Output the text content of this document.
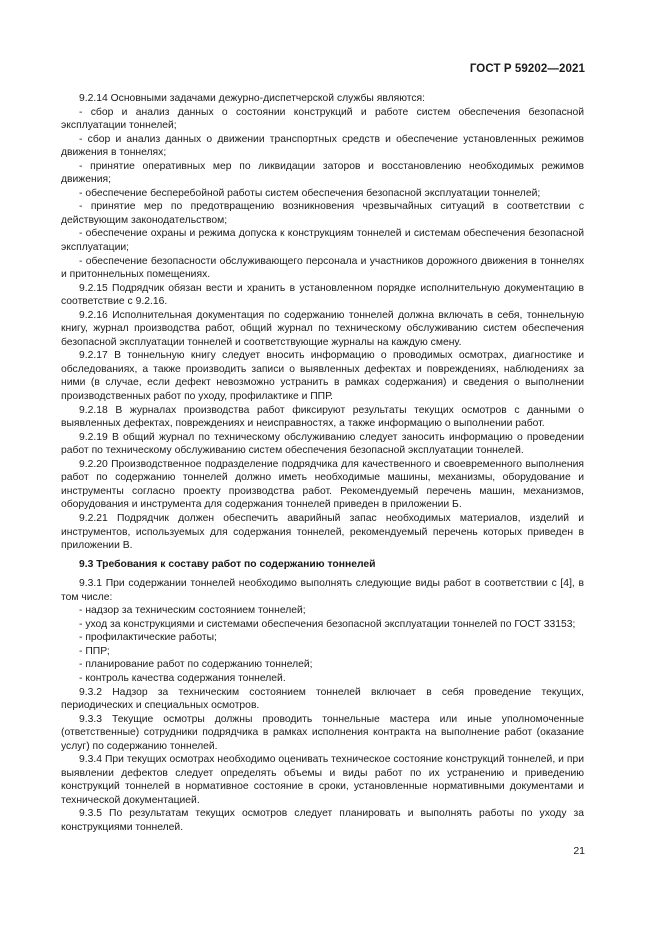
ГОСТ Р 59202—2021

9.2.14 Основными задачами дежурно-диспетчерской службы являются:

- сбор и анализ данных о состоянии конструкций и работе систем обеспечения безопасной эксплуатации тоннелей;

- сбор и анализ данных о движении транспортных средств и обеспечение установленных режимов движения в тоннелях;

- принятие оперативных мер по ликвидации заторов и восстановлению необходимых режимов движения;

- обеспечение бесперебойной работы систем обеспечения безопасной эксплуатации тоннелей;

- принятие мер по предотвращению возникновения чрезвычайных ситуаций в соответствии с действующим законодательством;

- обеспечение охраны и режима допуска к конструкциям тоннелей и системам обеспечения безопасной эксплуатации;

- обеспечение безопасности обслуживающего персонала и участников дорожного движения в тоннелях и притоннельных помещениях.

9.2.15 Подрядчик обязан вести и хранить в установленном порядке исполнительную документацию в соответствие с 9.2.16.

9.2.16 Исполнительная документация по содержанию тоннелей должна включать в себя, тоннельную книгу, журнал производства работ, общий журнал по техническому обслуживанию систем обеспечения безопасной эксплуатации тоннелей и соответствующие журналы на каждую смену.

9.2.17 В тоннельную книгу следует вносить информацию о проводимых осмотрах, диагностике и обследованиях, а также производить записи о выявленных дефектах и повреждениях, наблюдениях за ними (в случае, если дефект невозможно устранить в рамках содержания) и сведения о выполнении производственных работ по уходу, профилактике и ППР.

9.2.18 В журналах производства работ фиксируют результаты текущих осмотров с данными о выявленных дефектах, повреждениях и неисправностях, а также информацию о выполнении работ.

9.2.19 В общий журнал по техническому обслуживанию следует заносить информацию о проведении работ по техническому обслуживанию систем обеспечения безопасной эксплуатации тоннелей.

9.2.20 Производственное подразделение подрядчика для качественного и своевременного выполнения работ по содержанию тоннелей должно иметь необходимые машины, механизмы, оборудование и инструменты согласно проекту производства работ. Рекомендуемый перечень машин, механизмов, оборудования и инструмента для содержания тоннелей приведен в приложении Б.

9.2.21 Подрядчик должен обеспечить аварийный запас необходимых материалов, изделий и инструментов, используемых для содержания тоннелей, рекомендуемый перечень которых приведен в приложении В.

9.3 Требования к составу работ по содержанию тоннелей

9.3.1 При содержании тоннелей необходимо выполнять следующие виды работ в соответствии с [4], в том числе:

- надзор за техническим состоянием тоннелей;

- уход за конструкциями и системами обеспечения безопасной эксплуатации тоннелей по ГОСТ 33153;

- профилактические работы;

- ППР;

- планирование работ по содержанию тоннелей;

- контроль качества содержания тоннелей.

9.3.2 Надзор за техническим состоянием тоннелей включает в себя проведение текущих, периодических и специальных осмотров.

9.3.3 Текущие осмотры должны проводить тоннельные мастера или иные уполномоченные (ответственные) сотрудники подрядчика в рамках исполнения контракта на выполнение работ (оказание услуг) по содержанию тоннелей.

9.3.4 При текущих осмотрах необходимо оценивать техническое состояние конструкций тоннелей, и при выявлении дефектов следует определять объемы и виды работ по их устранению и приведению конструкций тоннелей в нормативное состояние в сроки, установленные нормативными документами и технической документацией.

9.3.5 По результатам текущих осмотров следует планировать и выполнять работы по уходу за конструкциями тоннелей.

21
